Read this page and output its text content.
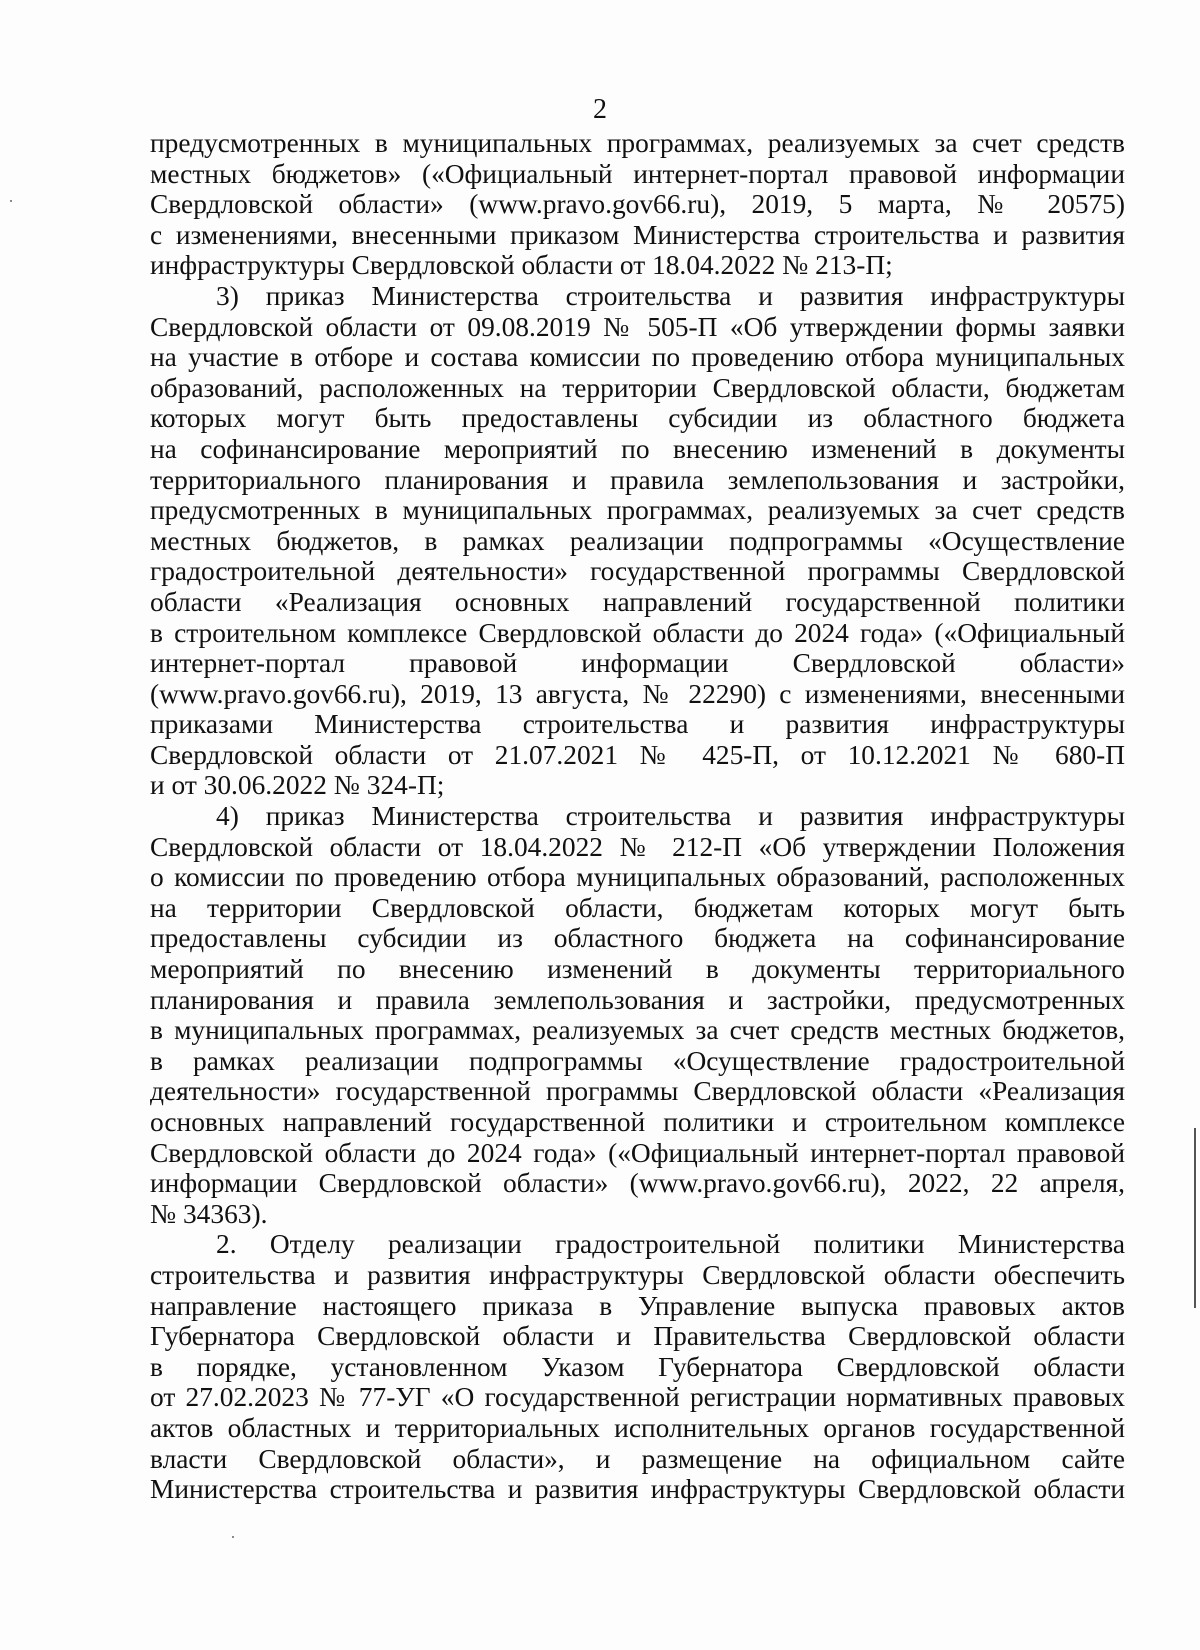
2
предусмотренных в муниципальных программах, реализуемых за счет средств
местных бюджетов» («Официальный интернет-портал правовой информации
Свердловской области» (www.pravo.gov66.ru), 2019, 5 марта, № 20575)
с изменениями, внесенными приказом Министерства строительства и развития
инфраструктуры Свердловской области от 18.04.2022 № 213-П;
3) приказ Министерства строительства и развития инфраструктуры
Свердловской области от 09.08.2019 № 505-П «Об утверждении формы заявки
на участие в отборе и состава комиссии по проведению отбора муниципальных
образований, расположенных на территории Свердловской области, бюджетам
которых могут быть предоставлены субсидии из областного бюджета
на софинансирование мероприятий по внесению изменений в документы
территориального планирования и правила землепользования и застройки,
предусмотренных в муниципальных программах, реализуемых за счет средств
местных бюджетов, в рамках реализации подпрограммы «Осуществление
градостроительной деятельности» государственной программы Свердловской
области «Реализация основных направлений государственной политики
в строительном комплексе Свердловской области до 2024 года» («Официальный
интернет-портал правовой информации Свердловской области»
(www.pravo.gov66.ru), 2019, 13 августа, № 22290) с изменениями, внесенными
приказами Министерства строительства и развития инфраструктуры
Свердловской области от 21.07.2021 № 425-П, от 10.12.2021 № 680-П
и от 30.06.2022 № 324-П;
4) приказ Министерства строительства и развития инфраструктуры
Свердловской области от 18.04.2022 № 212-П «Об утверждении Положения
о комиссии по проведению отбора муниципальных образований, расположенных
на территории Свердловской области, бюджетам которых могут быть
предоставлены субсидии из областного бюджета на софинансирование
мероприятий по внесению изменений в документы территориального
планирования и правила землепользования и застройки, предусмотренных
в муниципальных программах, реализуемых за счет средств местных бюджетов,
в рамках реализации подпрограммы «Осуществление градостроительной
деятельности» государственной программы Свердловской области «Реализация
основных направлений государственной политики и строительном комплексе
Свердловской области до 2024 года» («Официальный интернет-портал правовой
информации Свердловской области» (www.pravo.gov66.ru), 2022, 22 апреля,
№ 34363).
2. Отделу реализации градостроительной политики Министерства
строительства и развития инфраструктуры Свердловской области обеспечить
направление настоящего приказа в Управление выпуска правовых актов
Губернатора Свердловской области и Правительства Свердловской области
в порядке, установленном Указом Губернатора Свердловской области
от 27.02.2023 № 77-УГ «О государственной регистрации нормативных правовых
актов областных и территориальных исполнительных органов государственной
власти Свердловской области», и размещение на официальном сайте
Министерства строительства и развития инфраструктуры Свердловской области
